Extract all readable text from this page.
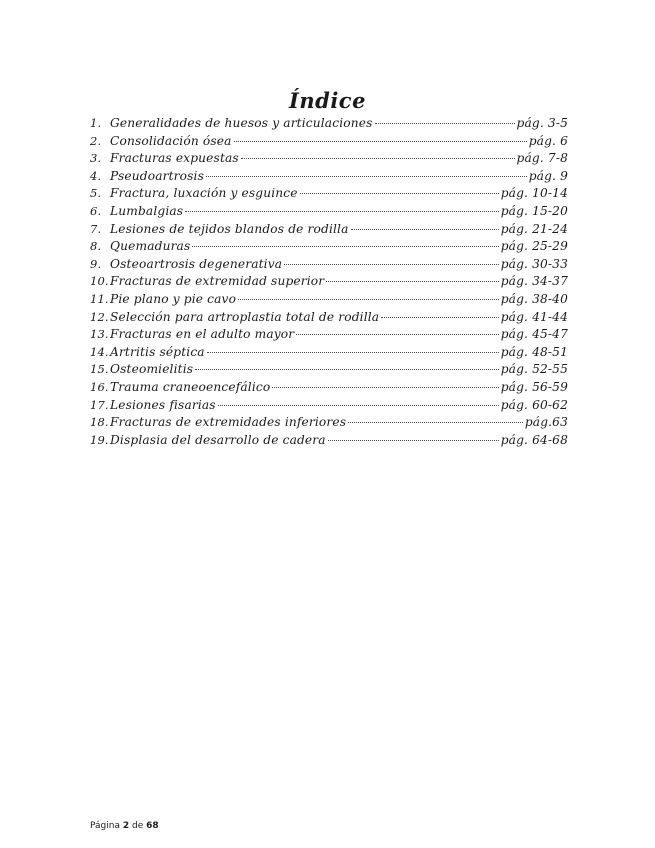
Índice
1. Generalidades de huesos y articulaciones	pág. 3-5
2. Consolidación ósea	pág. 6
3. Fracturas expuestas	pág. 7-8
4. Pseudoartrosis	pág. 9
5. Fractura, luxación y esguince	pág. 10-14
6. Lumbalgias	pág. 15-20
7. Lesiones de tejidos blandos de rodilla	pág. 21-24
8. Quemaduras	pág. 25-29
9. Osteoartrosis degenerativa	pág. 30-33
10. Fracturas de extremidad superior	pág. 34-37
11. Pie plano y pie cavo	pág. 38-40
12. Selección para artroplastia total de rodilla	pág. 41-44
13. Fracturas en el adulto mayor	pág. 45-47
14. Artritis séptica	pág. 48-51
15. Osteomielitis	pág. 52-55
16. Trauma craneoencefálico	pág. 56-59
17. Lesiones fisarias	pág. 60-62
18. Fracturas de extremidades inferiores	pág.63
19. Displasia del desarrollo de cadera	pág. 64-68
Página 2 de 68
